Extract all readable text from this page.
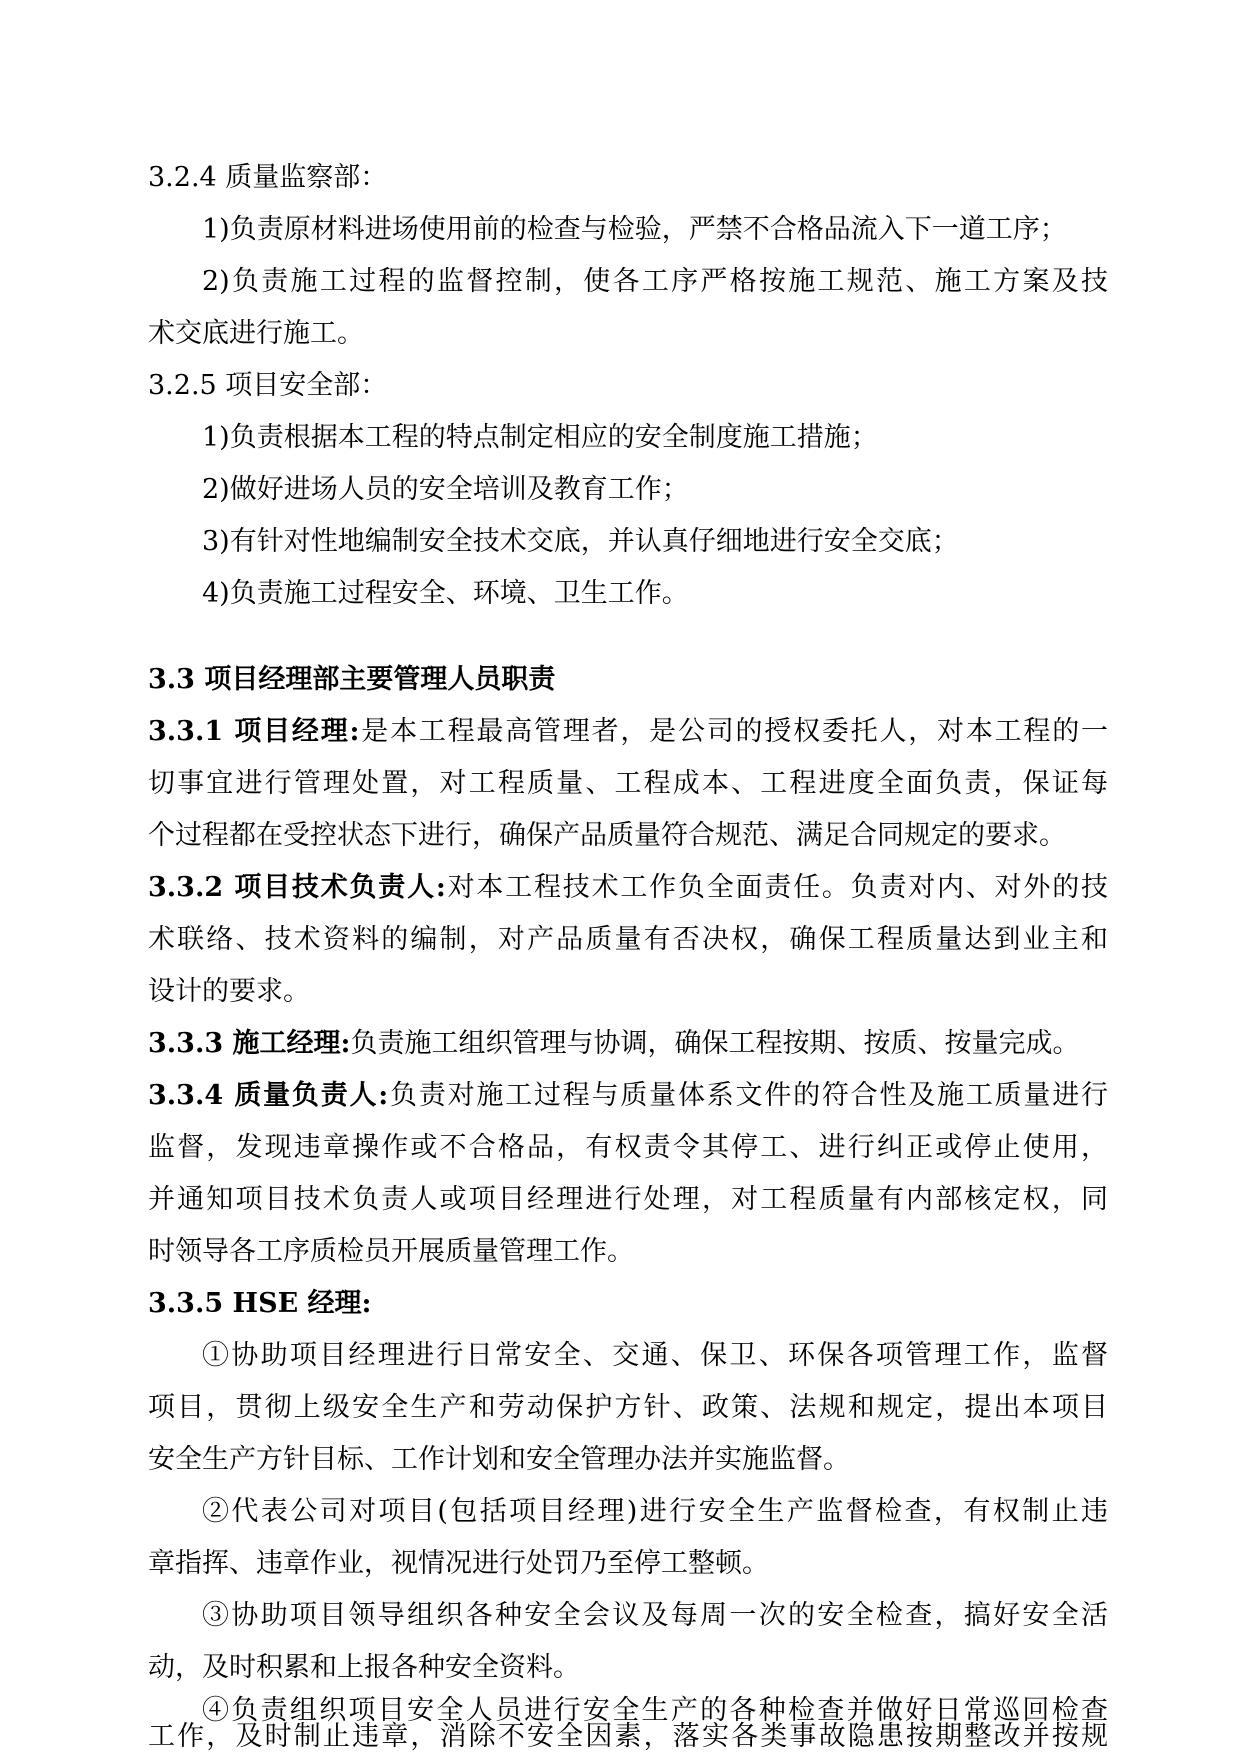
3.2.4 质量监察部：
1)负责原材料进场使用前的检查与检验，严禁不合格品流入下一道工序；
2)负责施工过程的监督控制，使各工序严格按施工规范、施工方案及技
术交底进行施工。
3.2.5 项目安全部：
1)负责根据本工程的特点制定相应的安全制度施工措施；
2)做好进场人员的安全培训及教育工作；
3)有针对性地编制安全技术交底，并认真仔细地进行安全交底；
4)负责施工过程安全、环境、卫生工作。
3.3 项目经理部主要管理人员职责
3.3.1 项目经理:是本工程最高管理者，是公司的授权委托人，对本工程的一
切事宜进行管理处置，对工程质量、工程成本、工程进度全面负责，保证每
个过程都在受控状态下进行，确保产品质量符合规范、满足合同规定的要求。
3.3.2 项目技术负责人:对本工程技术工作负全面责任。负责对内、对外的技
术联络、技术资料的编制，对产品质量有否决权，确保工程质量达到业主和
设计的要求。
3.3.3 施工经理:负责施工组织管理与协调，确保工程按期、按质、按量完成。
3.3.4 质量负责人:负责对施工过程与质量体系文件的符合性及施工质量进行
监督，发现违章操作或不合格品，有权责令其停工、进行纠正或停止使用，
并通知项目技术负责人或项目经理进行处理，对工程质量有内部核定权，同
时领导各工序质检员开展质量管理工作。
3.3.5 HSE 经理:
①协助项目经理进行日常安全、交通、保卫、环保各项管理工作，监督
项目，贯彻上级安全生产和劳动保护方针、政策、法规和规定，提出本项目
安全生产方针目标、工作计划和安全管理办法并实施监督。
②代表公司对项目(包括项目经理)进行安全生产监督检查，有权制止违
章指挥、违章作业，视情况进行处罚乃至停工整顿。
③协助项目领导组织各种安全会议及每周一次的安全检查，搞好安全活
动，及时积累和上报各种安全资料。
④负责组织项目安全人员进行安全生产的各种检查并做好日常巡回检查
工作，及时制止违章，消除不安全因素，落实各类事故隐患按期整改并按规
